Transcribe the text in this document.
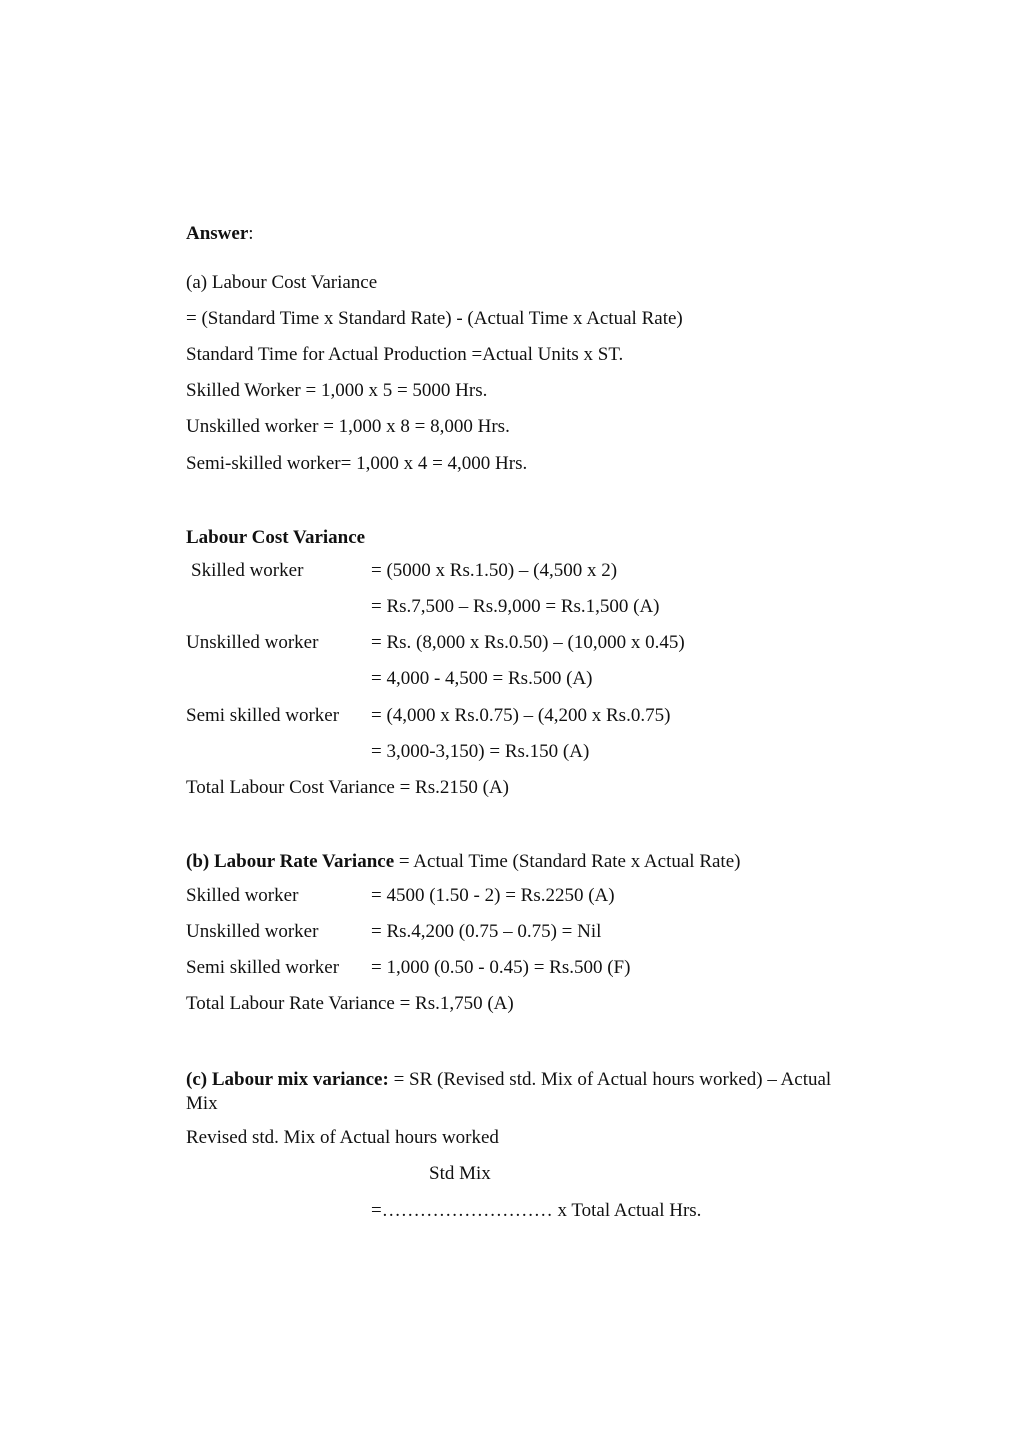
Answer:
(a) Labour Cost Variance
= (Standard Time x Standard Rate) - (Actual Time x Actual Rate)
Standard Time for Actual Production =Actual Units x ST.
Skilled Worker = 1,000 x 5 = 5000 Hrs.
Unskilled worker = 1,000 x 8 = 8,000 Hrs.
Semi-skilled worker= 1,000 x 4 = 4,000 Hrs.
Labour Cost Variance
Skilled worker	= (5000 x Rs.1.50) – (4,500 x 2)
= Rs.7,500 – Rs.9,000 = Rs.1,500 (A)
Unskilled worker	= Rs. (8,000 x Rs.0.50) – (10,000 x 0.45)
= 4,000 - 4,500 = Rs.500 (A)
Semi skilled worker = (4,000 x Rs.0.75) – (4,200 x Rs.0.75)
= 3,000-3,150) = Rs.150 (A)
Total Labour Cost Variance = Rs.2150 (A)
(b) Labour Rate Variance = Actual Time (Standard Rate x Actual Rate)
Skilled worker	= 4500 (1.50 - 2) = Rs.2250 (A)
Unskilled worker	= Rs.4,200 (0.75 – 0.75) = Nil
Semi skilled worker = 1,000 (0.50 - 0.45) = Rs.500 (F)
Total Labour Rate Variance = Rs.1,750 (A)
(c) Labour mix variance: = SR (Revised std. Mix of Actual hours worked) – Actual Mix
Revised std. Mix of Actual hours worked
Std Mix
=……………………… x Total Actual Hrs.
